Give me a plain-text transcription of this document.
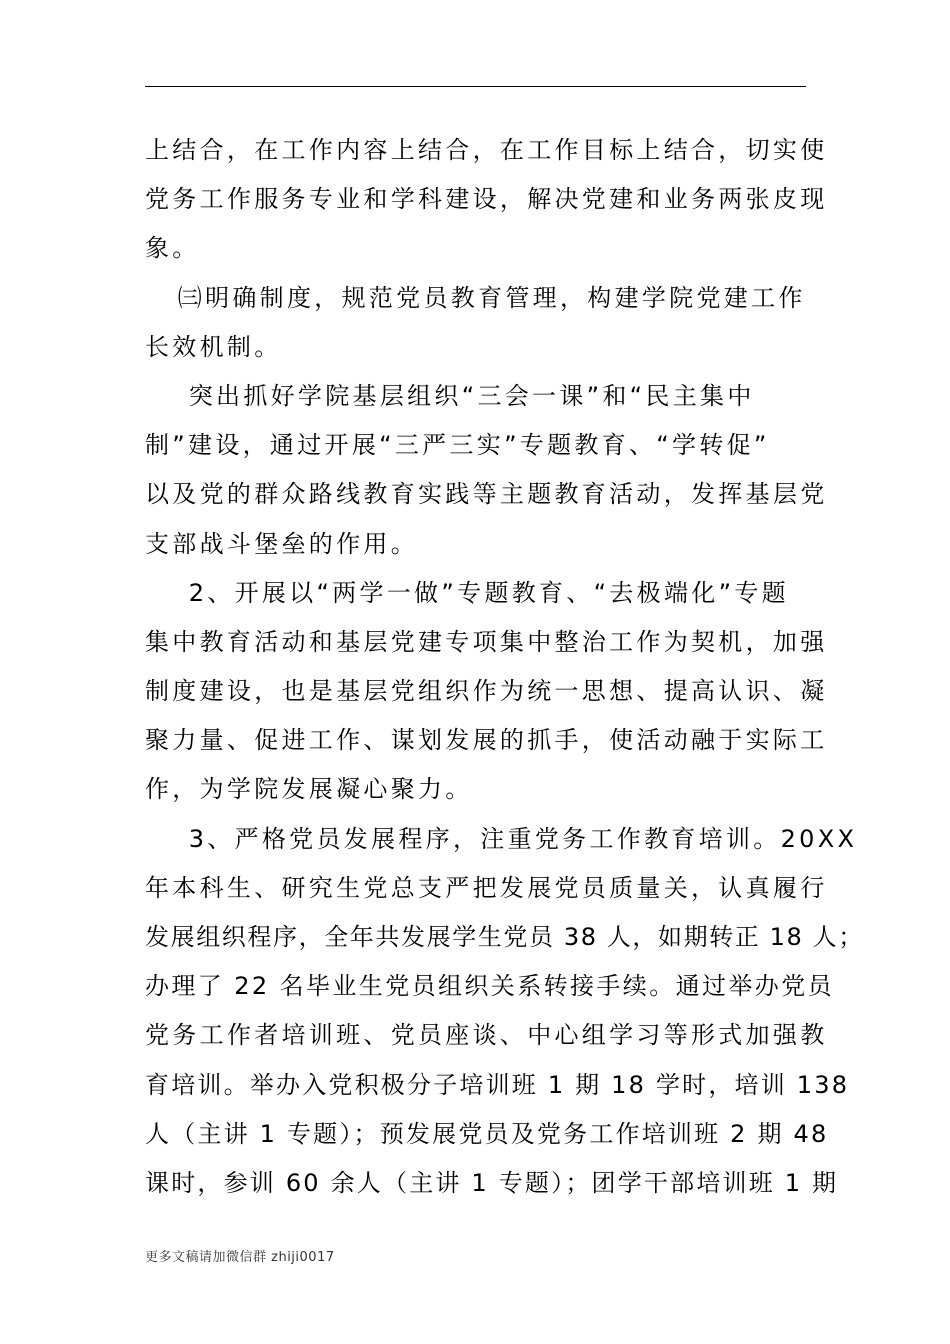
上结合，在工作内容上结合，在工作目标上结合，切实使
党务工作服务专业和学科建设，解决党建和业务两张皮现
象。
㈢明确制度，规范党员教育管理，构建学院党建工作
长效机制。
突出抓好学院基层组织“三会一课”和“民主集中
制”建设，通过开展“三严三实”专题教育、“学转促”
以及党的群众路线教育实践等主题教育活动，发挥基层党
支部战斗堡垒的作用。
2、开展以“两学一做”专题教育、“去极端化”专题
集中教育活动和基层党建专项集中整治工作为契机，加强
制度建设，也是基层党组织作为统一思想、提高认识、凝
聚力量、促进工作、谋划发展的抓手，使活动融于实际工
作，为学院发展凝心聚力。
3、严格党员发展程序，注重党务工作教育培训。20XX
年本科生、研究生党总支严把发展党员质量关，认真履行
发展组织程序，全年共发展学生党员 38 人，如期转正 18 人；
办理了 22 名毕业生党员组织关系转接手续。通过举办党员
党务工作者培训班、党员座谈、中心组学习等形式加强教
育培训。举办入党积极分子培训班 1 期 18 学时，培训 138
人（主讲 1 专题）；预发展党员及党务工作培训班 2 期 48
课时，参训 60 余人（主讲 1 专题）；团学干部培训班 1 期
更多文稿请加微信群 zhiji0017
